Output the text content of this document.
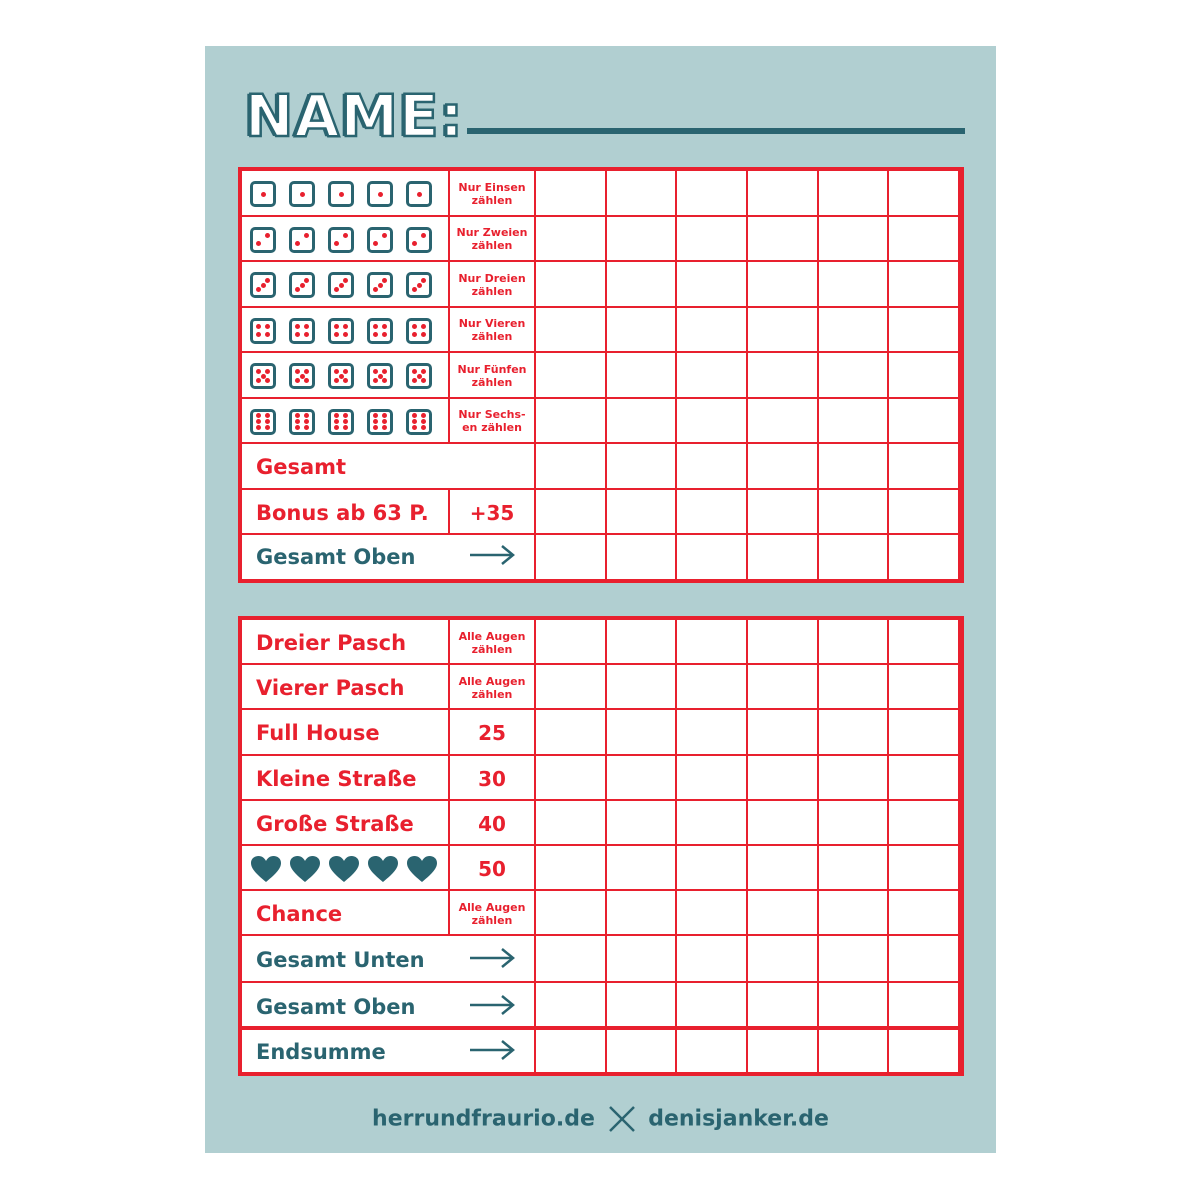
NAME:
Nur Einsen zählen
Nur Zweien zählen
Nur Dreien zählen
Nur Vieren zählen
Nur Fünfen zählen
Nur Sechs-en zählen
Gesamt
Bonus ab 63 P.	+35
Gesamt Oben
Dreier Pasch	Alle Augen zählen
Vierer Pasch	Alle Augen zählen
Full House	25
Kleine Straße	30
Große Straße	40
50
Chance	Alle Augen zählen
Gesamt Unten
Gesamt Oben
Endsumme
herrundfraurio.de denisjanker.de
